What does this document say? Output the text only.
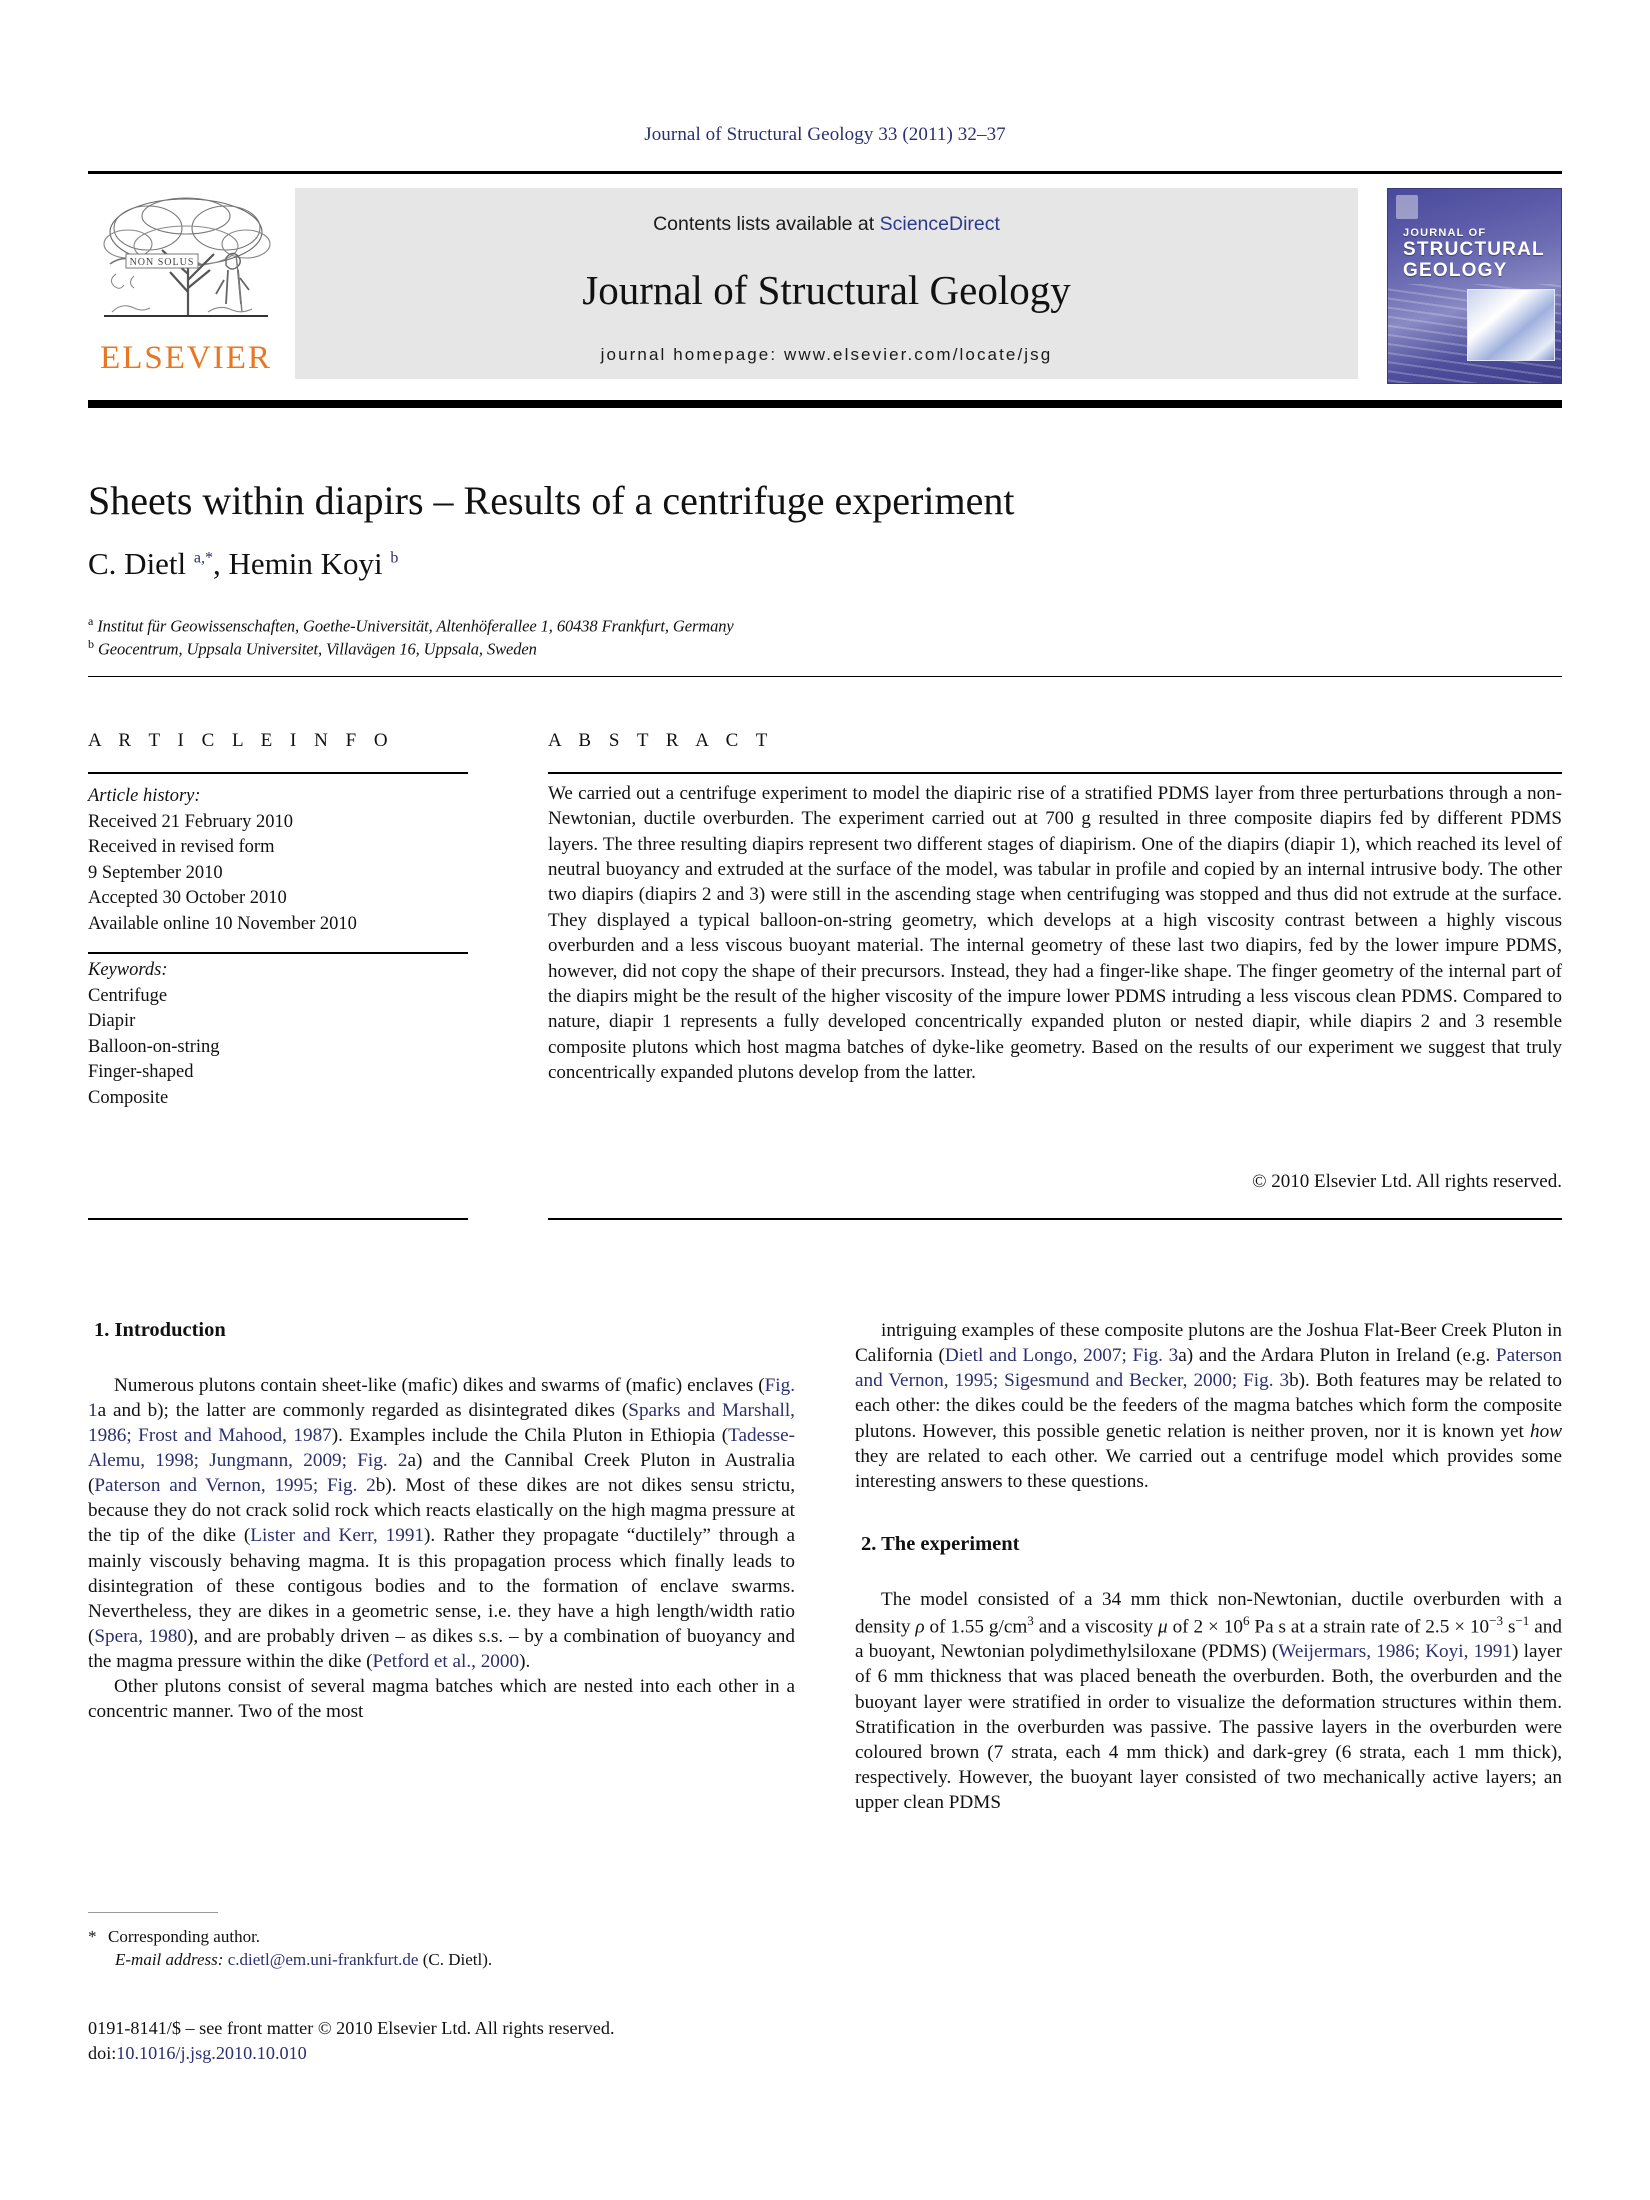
Journal of Structural Geology 33 (2011) 32–37
NON SOLUS
ELSEVIER
Contents lists available at ScienceDirect
Journal of Structural Geology
journal homepage: www.elsevier.com/locate/jsg
JOURNAL OF
STRUCTURAL
GEOLOGY
Sheets within diapirs – Results of a centrifuge experiment
C. Dietl $^{a,*}$, Hemin Koyi $^b$
$^a$ Institut für Geowissenschaften, Goethe-Universität, Altenhöferallee 1, 60438 Frankfurt, Germany
$^b$ Geocentrum, Uppsala Universitet, Villavägen 16, Uppsala, Sweden
A R T I C L E I N F O	A B S T R A C T
Article history:
Received 21 February 2010
Received in revised form
9 September 2010
Accepted 30 October 2010
Available online 10 November 2010
Keywords:
Centrifuge
Diapir
Balloon-on-string
Finger-shaped
Composite
We carried out a centrifuge experiment to model the diapiric rise of a stratified PDMS layer from three perturbations through a non-Newtonian, ductile overburden. The experiment carried out at 700 g resulted in three composite diapirs fed by different PDMS layers. The three resulting diapirs represent two different stages of diapirism. One of the diapirs (diapir 1), which reached its level of neutral buoyancy and extruded at the surface of the model, was tabular in profile and copied by an internal intrusive body. The other two diapirs (diapirs 2 and 3) were still in the ascending stage when centrifuging was stopped and thus did not extrude at the surface. They displayed a typical balloon-on-string geometry, which develops at a high viscosity contrast between a highly viscous overburden and a less viscous buoyant material. The internal geometry of these last two diapirs, fed by the lower impure PDMS, however, did not copy the shape of their precursors. Instead, they had a finger-like shape. The finger geometry of the internal part of the diapirs might be the result of the higher viscosity of the impure lower PDMS intruding a less viscous clean PDMS. Compared to nature, diapir 1 represents a fully developed concentrically expanded pluton or nested diapir, while diapirs 2 and 3 resemble composite plutons which host magma batches of dyke-like geometry. Based on the results of our experiment we suggest that truly concentrically expanded plutons develop from the latter.
© 2010 Elsevier Ltd. All rights reserved.
1. Introduction

Numerous plutons contain sheet-like (mafic) dikes and swarms of (mafic) enclaves (Fig. 1a and b); the latter are commonly regarded as disintegrated dikes (Sparks and Marshall, 1986; Frost and Mahood, 1987). Examples include the Chila Pluton in Ethiopia (Tadesse-Alemu, 1998; Jungmann, 2009; Fig. 2a) and the Cannibal Creek Pluton in Australia (Paterson and Vernon, 1995; Fig. 2b). Most of these dikes are not dikes sensu strictu, because they do not crack solid rock which reacts elastically on the high magma pressure at the tip of the dike (Lister and Kerr, 1991). Rather they propagate “ductilely” through a mainly viscously behaving magma. It is this propagation process which finally leads to disintegration of these contigous bodies and to the formation of enclave swarms. Nevertheless, they are dikes in a geometric sense, i.e. they have a high length/width ratio (Spera, 1980), and are probably driven – as dikes s.s. – by a combination of buoyancy and the magma pressure within the dike (Petford et al., 2000).

Other plutons consist of several magma batches which are nested into each other in a concentric manner. Two of the most

intriguing examples of these composite plutons are the Joshua Flat-Beer Creek Pluton in California (Dietl and Longo, 2007; Fig. 3a) and the Ardara Pluton in Ireland (e.g. Paterson and Vernon, 1995; Sigesmund and Becker, 2000; Fig. 3b). Both features may be related to each other: the dikes could be the feeders of the magma batches which form the composite plutons. However, this possible genetic relation is neither proven, nor it is known yet how they are related to each other. We carried out a centrifuge model which provides some interesting answers to these questions.

2. The experiment

The model consisted of a 34 mm thick non-Newtonian, ductile overburden with a density ρ of 1.55 $g/cm^3$ and a viscosity μ of $2 \times 10^6$ Pa s at a strain rate of $2.5 \times 10^{-3}$ $s^{-1}$ and a buoyant, Newtonian polydimethylsiloxane (PDMS) (Weijermars, 1986; Koyi, 1991) layer of 6 mm thickness that was placed beneath the overburden. Both, the overburden and the buoyant layer were stratified in order to visualize the deformation structures within them. Stratification in the overburden was passive. The passive layers in the overburden were coloured brown (7 strata, each 4 mm thick) and dark-grey (6 strata, each 1 mm thick), respectively. However, the buoyant layer consisted of two mechanically active layers; an upper clean PDMS

* Corresponding author.
E-mail address: c.dietl@em.uni-frankfurt.de (C. Dietl).
0191-8141/$ – see front matter © 2010 Elsevier Ltd. All rights reserved.
doi:10.1016/j.jsg.2010.10.010
